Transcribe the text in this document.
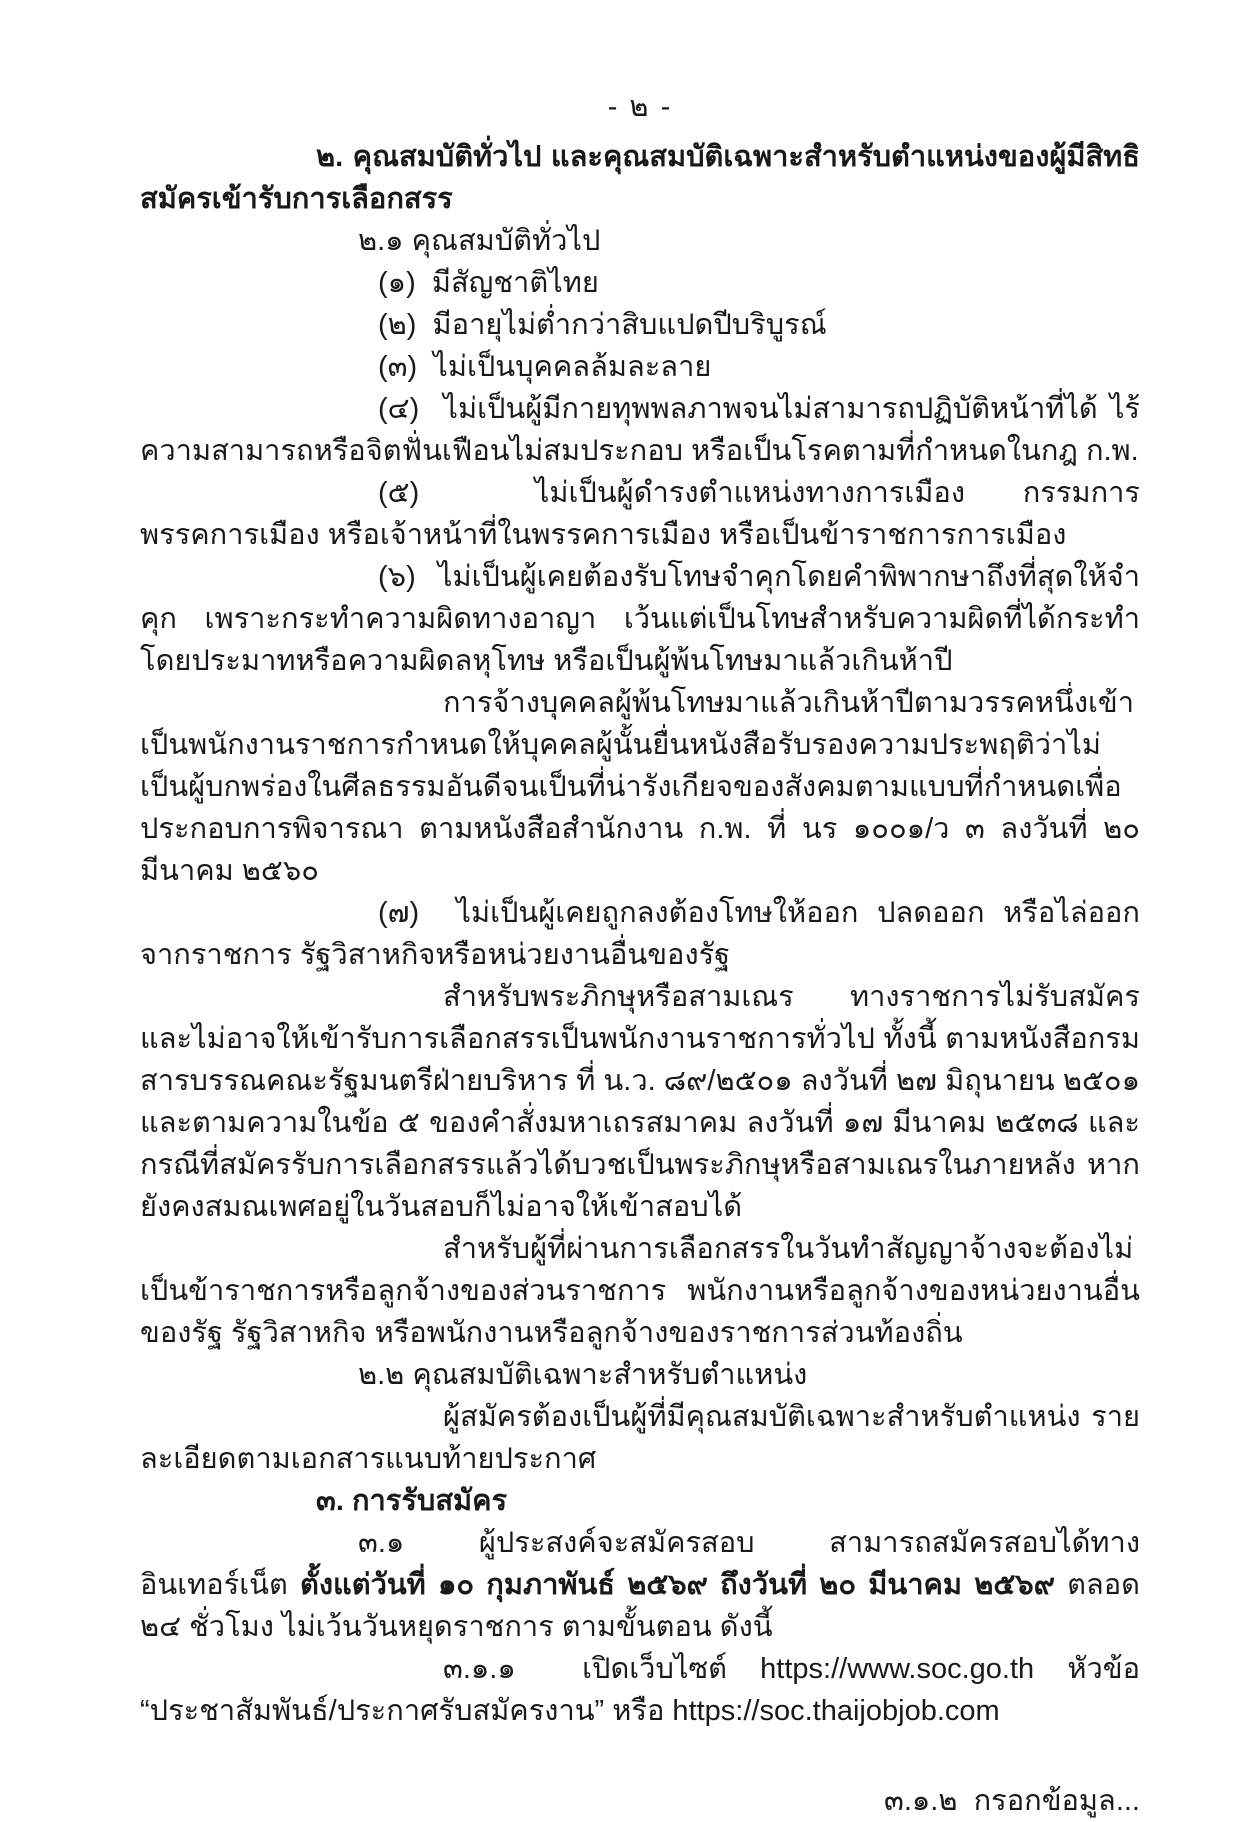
- ๒ -

๒. คุณสมบัติทั่วไป และคุณสมบัติเฉพาะสำหรับตำแหน่งของผู้มีสิทธิสมัครเข้ารับการเลือกสรร

๒.๑ คุณสมบัติทั่วไป

(๑)  มีสัญชาติไทย

(๒)  มีอายุไม่ต่ำกว่าสิบแปดปีบริบูรณ์

(๓)  ไม่เป็นบุคคลล้มละลาย

(๔)  ไม่เป็นผู้มีกายทุพพลภาพจนไม่สามารถปฏิบัติหน้าที่ได้ ไร้ความสามารถหรือจิตฟั่นเฟือนไม่สมประกอบ หรือเป็นโรคตามที่กำหนดในกฎ ก.พ.

(๕)  ไม่เป็นผู้ดำรงตำแหน่งทางการเมือง กรรมการพรรคการเมือง หรือเจ้าหน้าที่ในพรรคการเมือง หรือเป็นข้าราชการการเมือง

(๖)  ไม่เป็นผู้เคยต้องรับโทษจำคุกโดยคำพิพากษาถึงที่สุดให้จำคุก เพราะกระทำความผิดทางอาญา เว้นแต่เป็นโทษสำหรับความผิดที่ได้กระทำโดยประมาทหรือความผิดลหุโทษ หรือเป็นผู้พ้นโทษมาแล้วเกินห้าปี

การจ้างบุคคลผู้พ้นโทษมาแล้วเกินห้าปีตามวรรคหนึ่งเข้าเป็นพนักงานราชการกำหนดให้บุคคลผู้นั้นยื่นหนังสือรับรองความประพฤติว่าไม่เป็นผู้บกพร่องในศีลธรรมอันดีจนเป็นที่น่ารังเกียจของสังคมตามแบบที่กำหนดเพื่อประกอบการพิจารณา ตามหนังสือสำนักงาน ก.พ. ที่ นร ๑๐๐๑/ว ๓ ลงวันที่ ๒๐ มีนาคม ๒๕๖๐

(๗)  ไม่เป็นผู้เคยถูกลงต้องโทษให้ออก ปลดออก หรือไล่ออกจากราชการ รัฐวิสาหกิจหรือหน่วยงานอื่นของรัฐ

สำหรับพระภิกษุหรือสามเณร ทางราชการไม่รับสมัครและไม่อาจให้เข้ารับการเลือกสรรเป็นพนักงานราชการทั่วไป ทั้งนี้ ตามหนังสือกรมสารบรรณคณะรัฐมนตรีฝ่ายบริหาร ที่ น.ว. ๘๙/๒๕๐๑ ลงวันที่ ๒๗ มิถุนายน ๒๕๐๑ และตามความในข้อ ๕ ของคำสั่งมหาเถรสมาคม ลงวันที่ ๑๗ มีนาคม ๒๕๓๘ และกรณีที่สมัครรับการเลือกสรรแล้วได้บวชเป็นพระภิกษุหรือสามเณรในภายหลัง หากยังคงสมณเพศอยู่ในวันสอบก็ไม่อาจให้เข้าสอบได้

สำหรับผู้ที่ผ่านการเลือกสรรในวันทำสัญญาจ้างจะต้องไม่เป็นข้าราชการหรือลูกจ้างของส่วนราชการ พนักงานหรือลูกจ้างของหน่วยงานอื่นของรัฐ รัฐวิสาหกิจ หรือพนักงานหรือลูกจ้างของราชการส่วนท้องถิ่น

๒.๒ คุณสมบัติเฉพาะสำหรับตำแหน่ง

ผู้สมัครต้องเป็นผู้ที่มีคุณสมบัติเฉพาะสำหรับตำแหน่ง รายละเอียดตามเอกสารแนบท้ายประกาศ

๓. การรับสมัคร

๓.๑ ผู้ประสงค์จะสมัครสอบ สามารถสมัครสอบได้ทางอินเทอร์เน็ต ตั้งแต่วันที่ ๑๐ กุมภาพันธ์ ๒๕๖๙ ถึงวันที่ ๒๐ มีนาคม ๒๕๖๙ ตลอด ๒๔ ชั่วโมง ไม่เว้นวันหยุดราชการ ตามขั้นตอน ดังนี้

๓.๑.๑  เปิดเว็บไซต์ https://www.soc.go.th หัวข้อ “ประชาสัมพันธ์/ประกาศรับสมัครงาน” หรือ https://soc.thaijobjob.com

๓.๑.๒  กรอกข้อมูล...
